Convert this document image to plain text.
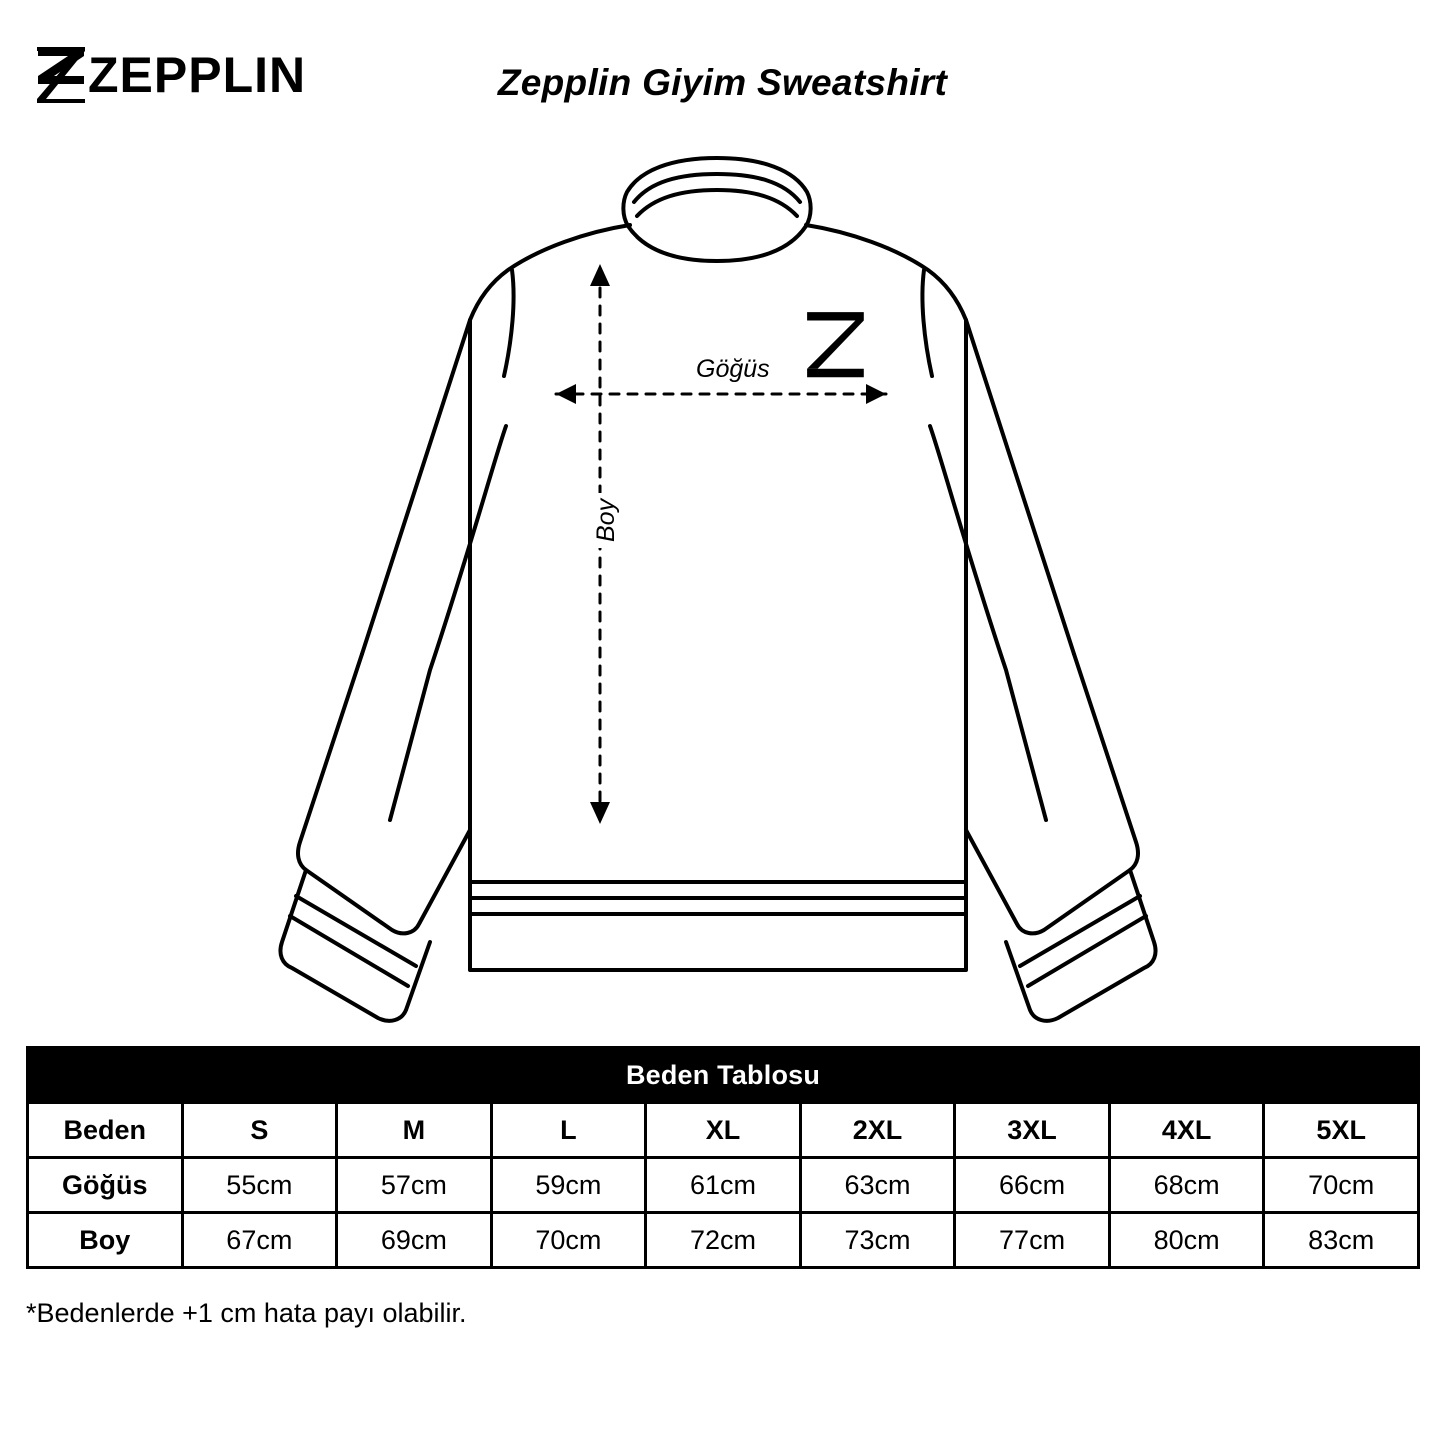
ZEPPLIN	Zepplin Giyim Sweatshirt
Göğüs
Boy
Beden Tablosu								
Beden	S	M	L	XL	2XL	3XL	4XL	5XL
Göğüs	55cm	57cm	59cm	61cm	63cm	66cm	68cm	70cm
Boy	67cm	69cm	70cm	72cm	73cm	77cm	80cm	83cm
*Bedenlerde +1 cm hata payı olabilir.
